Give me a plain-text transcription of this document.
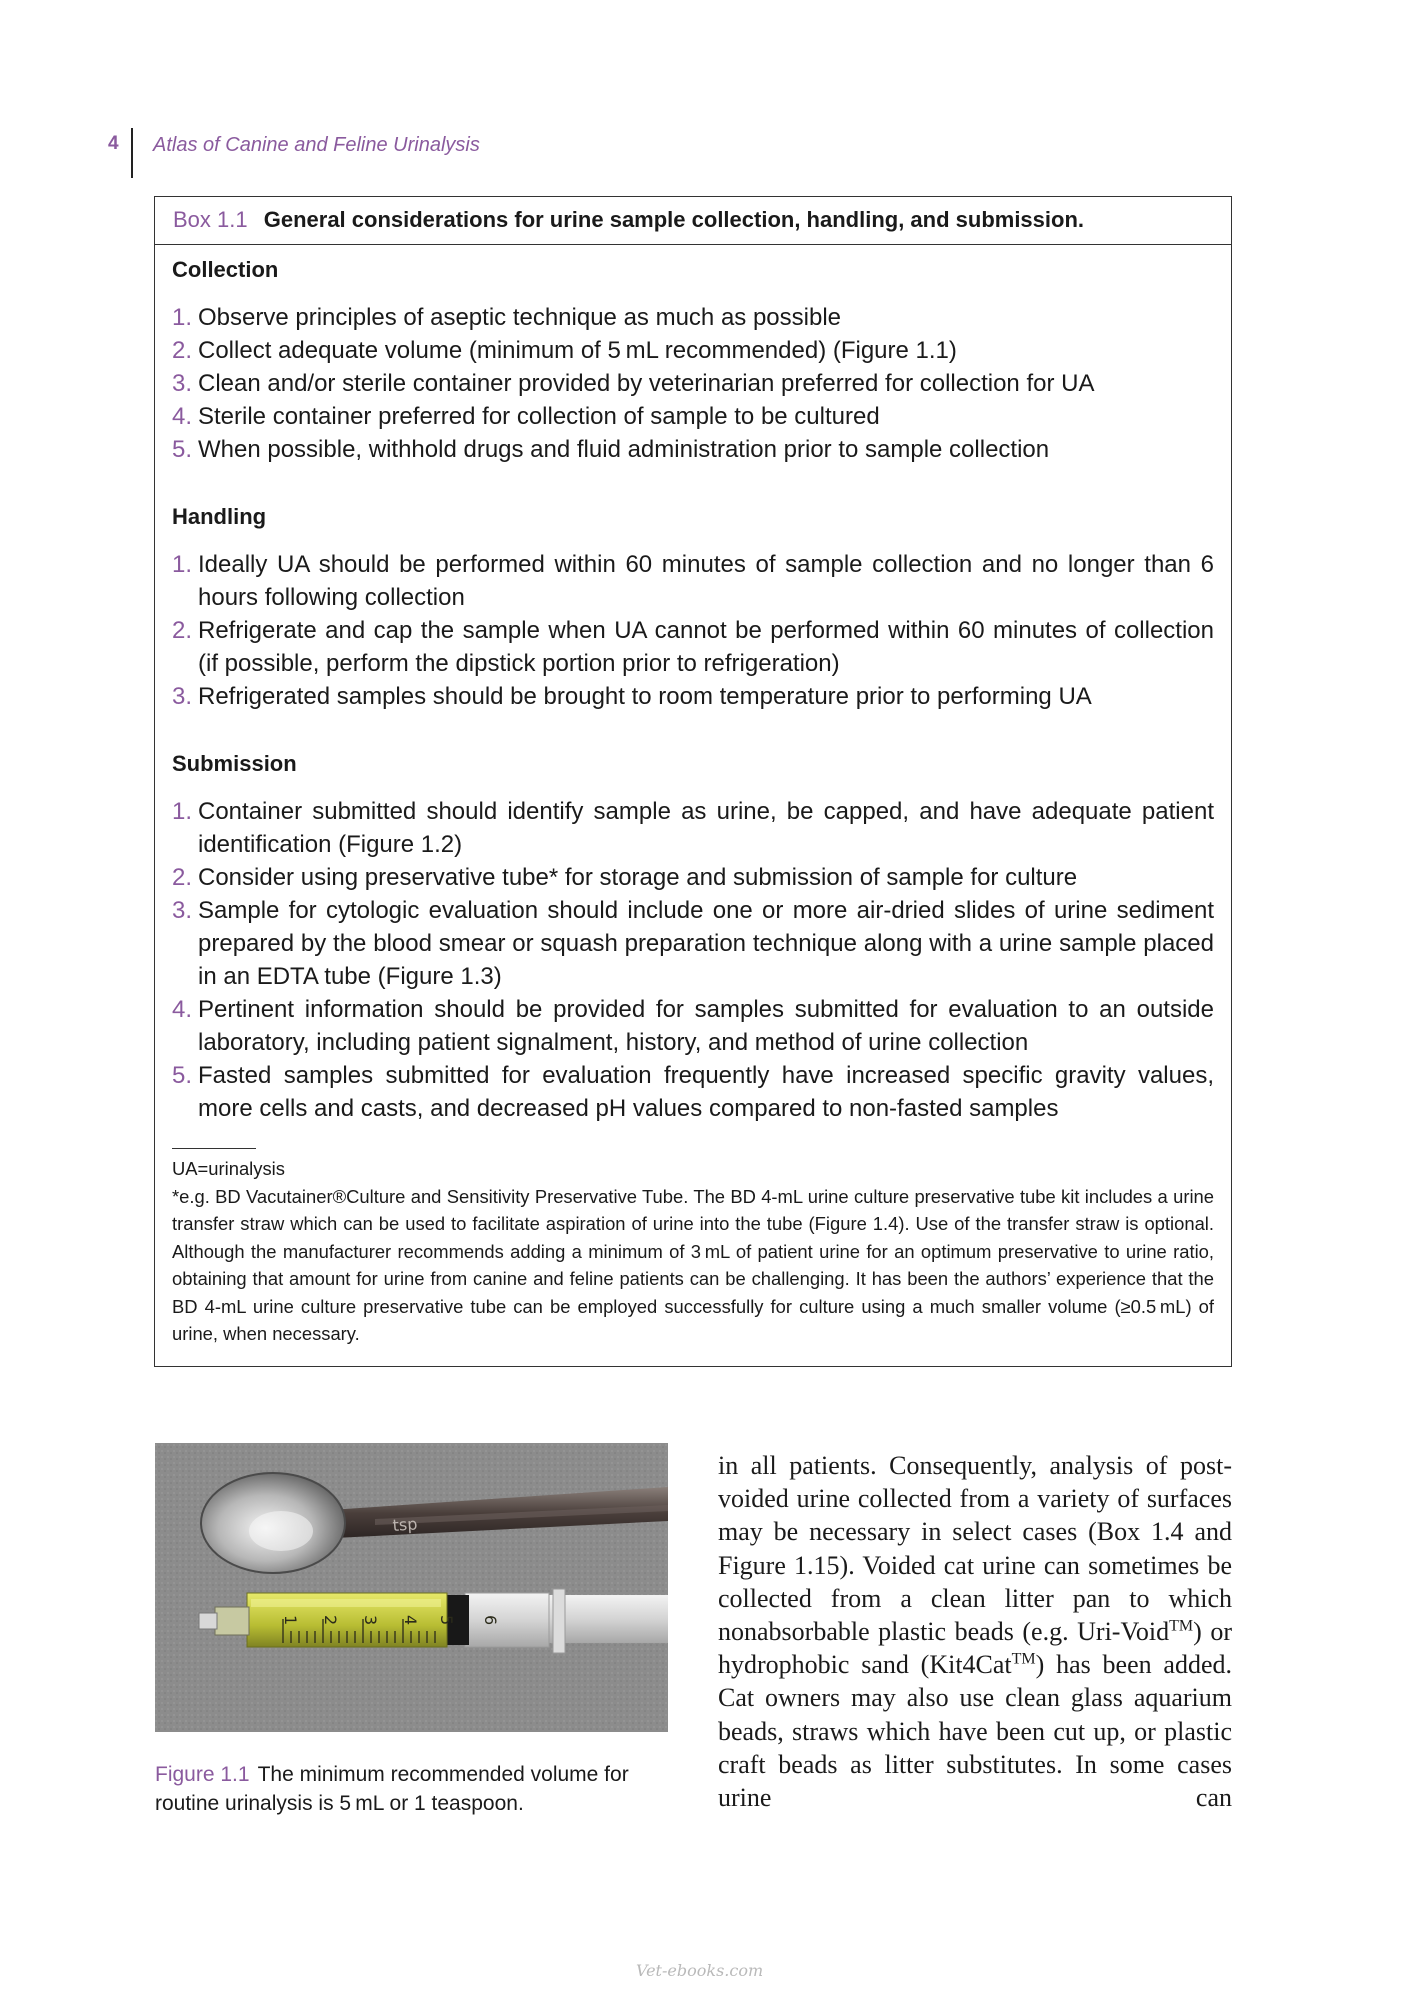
4 Atlas of Canine and Feline Urinalysis
Box 1.1 General considerations for urine sample collection, handling, and submission.
Collection
1. Observe principles of aseptic technique as much as possible
2. Collect adequate volume (minimum of 5 mL recommended) (Figure 1.1)
3. Clean and/or sterile container provided by veterinarian preferred for collection for UA
4. Sterile container preferred for collection of sample to be cultured
5. When possible, withhold drugs and fluid administration prior to sample collection
Handling
1. Ideally UA should be performed within 60 minutes of sample collection and no longer than 6 hours following collection
2. Refrigerate and cap the sample when UA cannot be performed within 60 minutes of collection (if possible, perform the dipstick portion prior to refrigeration)
3. Refrigerated samples should be brought to room temperature prior to performing UA
Submission
1. Container submitted should identify sample as urine, be capped, and have adequate patient identification (Figure 1.2)
2. Consider using preservative tube* for storage and submission of sample for culture
3. Sample for cytologic evaluation should include one or more air-dried slides of urine sediment prepared by the blood smear or squash preparation technique along with a urine sample placed in an EDTA tube (Figure 1.3)
4. Pertinent information should be provided for samples submitted for evaluation to an outside laboratory, including patient signalment, history, and method of urine collection
5. Fasted samples submitted for evaluation frequently have increased specific gravity values, more cells and casts, and decreased pH values compared to non-fasted samples

UA=urinalysis

*e.g. BD Vacutainer®Culture and Sensitivity Preservative Tube. The BD 4-mL urine culture preservative tube kit includes a urine transfer straw which can be used to facilitate aspiration of urine into the tube (Figure 1.4). Use of the transfer straw is optional. Although the manufacturer recommends adding a minimum of 3 mL of patient urine for an optimum preservative to urine ratio, obtaining that amount for urine from canine and feline patients can be challenging. It has been the authors’ experience that the BD 4-mL urine culture preservative tube can be employed successfully for culture using a much smaller volume (≥0.5 mL) of urine, when necessary.

tsp
1 2 3 4 5 6
Figure 1.1 The minimum recommended volume for routine urinalysis is 5 mL or 1 teaspoon.
in all patients. Consequently, analysis of post-voided urine collected from a variety of surfaces may be necessary in select cases (Box 1.4 and Figure 1.15). Voided cat urine can sometimes be collected from a clean litter pan to which nonabsorbable plastic beads (e.g. Uri-Void™) or hydrophobic sand (Kit4Cat™) has been added. Cat owners may also use clean glass aquarium beads, straws which have been cut up, or plastic craft beads as litter substitutes. In some cases urine can
Vet-ebooks.com
